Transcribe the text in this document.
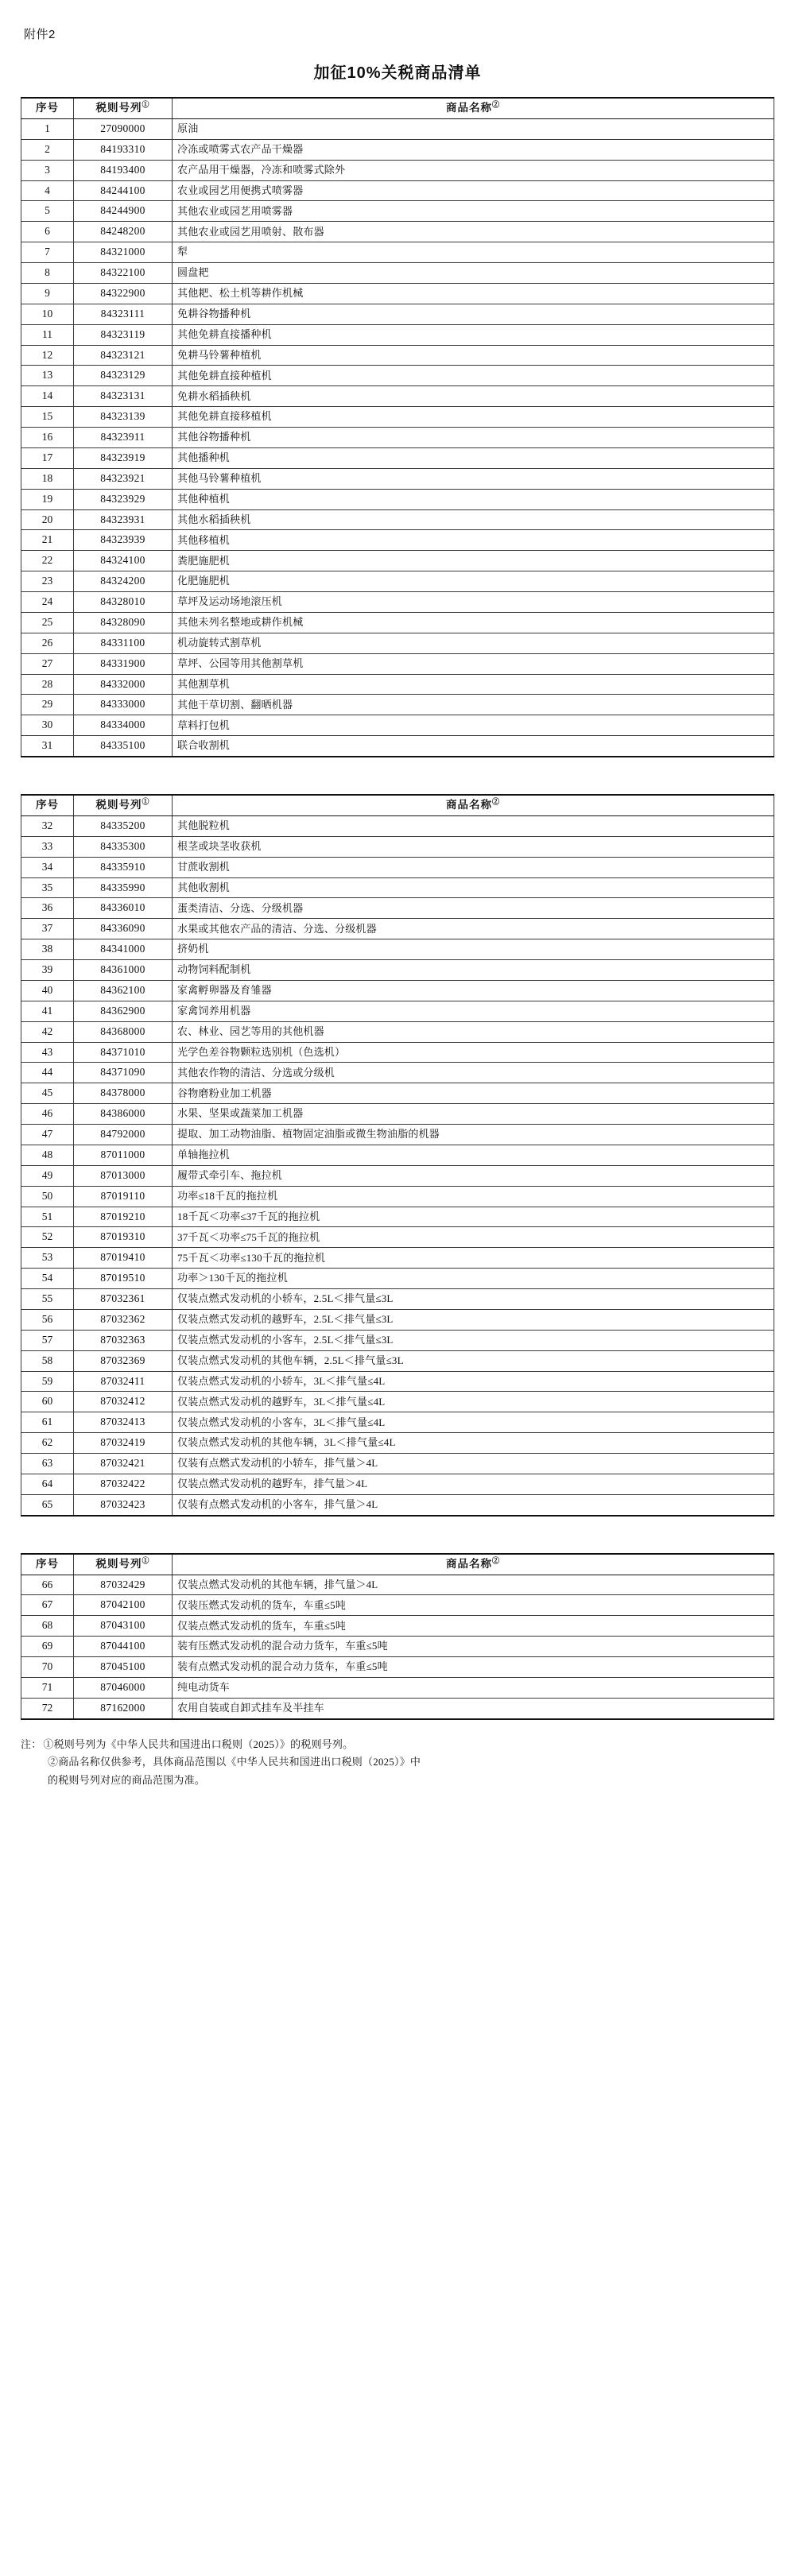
附件2
加征10%关税商品清单
序号	税则号列①	商品名称②
1	27090000	原油
2	84193310	冷冻或喷雾式农产品干燥器
3	84193400	农产品用干燥器，冷冻和喷雾式除外
4	84244100	农业或园艺用便携式喷雾器
5	84244900	其他农业或园艺用喷雾器
6	84248200	其他农业或园艺用喷射、散布器
7	84321000	犁
8	84322100	圆盘耙
9	84322900	其他耙、松土机等耕作机械
10	84323111	免耕谷物播种机
11	84323119	其他免耕直接播种机
12	84323121	免耕马铃薯种植机
13	84323129	其他免耕直接种植机
14	84323131	免耕水稻插秧机
15	84323139	其他免耕直接移植机
16	84323911	其他谷物播种机
17	84323919	其他播种机
18	84323921	其他马铃薯种植机
19	84323929	其他种植机
20	84323931	其他水稻插秧机
21	84323939	其他移植机
22	84324100	粪肥施肥机
23	84324200	化肥施肥机
24	84328010	草坪及运动场地滚压机
25	84328090	其他未列名整地或耕作机械
26	84331100	机动旋转式割草机
27	84331900	草坪、公园等用其他割草机
28	84332000	其他割草机
29	84333000	其他干草切割、翻晒机器
30	84334000	草料打包机
31	84335100	联合收割机
序号	税则号列①	商品名称②
32	84335200	其他脱粒机
33	84335300	根茎或块茎收获机
34	84335910	甘蔗收割机
35	84335990	其他收割机
36	84336010	蛋类清洁、分选、分级机器
37	84336090	水果或其他农产品的清洁、分选、分级机器
38	84341000	挤奶机
39	84361000	动物饲料配制机
40	84362100	家禽孵卵器及育雏器
41	84362900	家禽饲养用机器
42	84368000	农、林业、园艺等用的其他机器
43	84371010	光学色差谷物颗粒选别机（色选机）
44	84371090	其他农作物的清洁、分选或分级机
45	84378000	谷物磨粉业加工机器
46	84386000	水果、坚果或蔬菜加工机器
47	84792000	提取、加工动物油脂、植物固定油脂或微生物油脂的机器
48	87011000	单轴拖拉机
49	87013000	履带式牵引车、拖拉机
50	87019110	功率≤18千瓦的拖拉机
51	87019210	18千瓦＜功率≤37千瓦的拖拉机
52	87019310	37千瓦＜功率≤75千瓦的拖拉机
53	87019410	75千瓦＜功率≤130千瓦的拖拉机
54	87019510	功率＞130千瓦的拖拉机
55	87032361	仅装点燃式发动机的小轿车，2.5L＜排气量≤3L
56	87032362	仅装点燃式发动机的越野车，2.5L＜排气量≤3L
57	87032363	仅装点燃式发动机的小客车，2.5L＜排气量≤3L
58	87032369	仅装点燃式发动机的其他车辆，2.5L＜排气量≤3L
59	87032411	仅装点燃式发动机的小轿车，3L＜排气量≤4L
60	87032412	仅装点燃式发动机的越野车，3L＜排气量≤4L
61	87032413	仅装点燃式发动机的小客车，3L＜排气量≤4L
62	87032419	仅装点燃式发动机的其他车辆，3L＜排气量≤4L
63	87032421	仅装有点燃式发动机的小轿车，排气量＞4L
64	87032422	仅装点燃式发动机的越野车，排气量＞4L
65	87032423	仅装有点燃式发动机的小客车，排气量＞4L
序号	税则号列①	商品名称②
66	87032429	仅装点燃式发动机的其他车辆，排气量＞4L
67	87042100	仅装压燃式发动机的货车，车重≤5吨
68	87043100	仅装点燃式发动机的货车，车重≤5吨
69	87044100	装有压燃式发动机的混合动力货车，车重≤5吨
70	87045100	装有点燃式发动机的混合动力货车，车重≤5吨
71	87046000	纯电动货车
72	87162000	农用自装或自卸式挂车及半挂车
注： ①税则号列为《中华人民共和国进出口税则（2025）》的税则号列。
②商品名称仅供参考，具体商品范围以《中华人民共和国进出口税则（2025）》中
的税则号列对应的商品范围为准。
